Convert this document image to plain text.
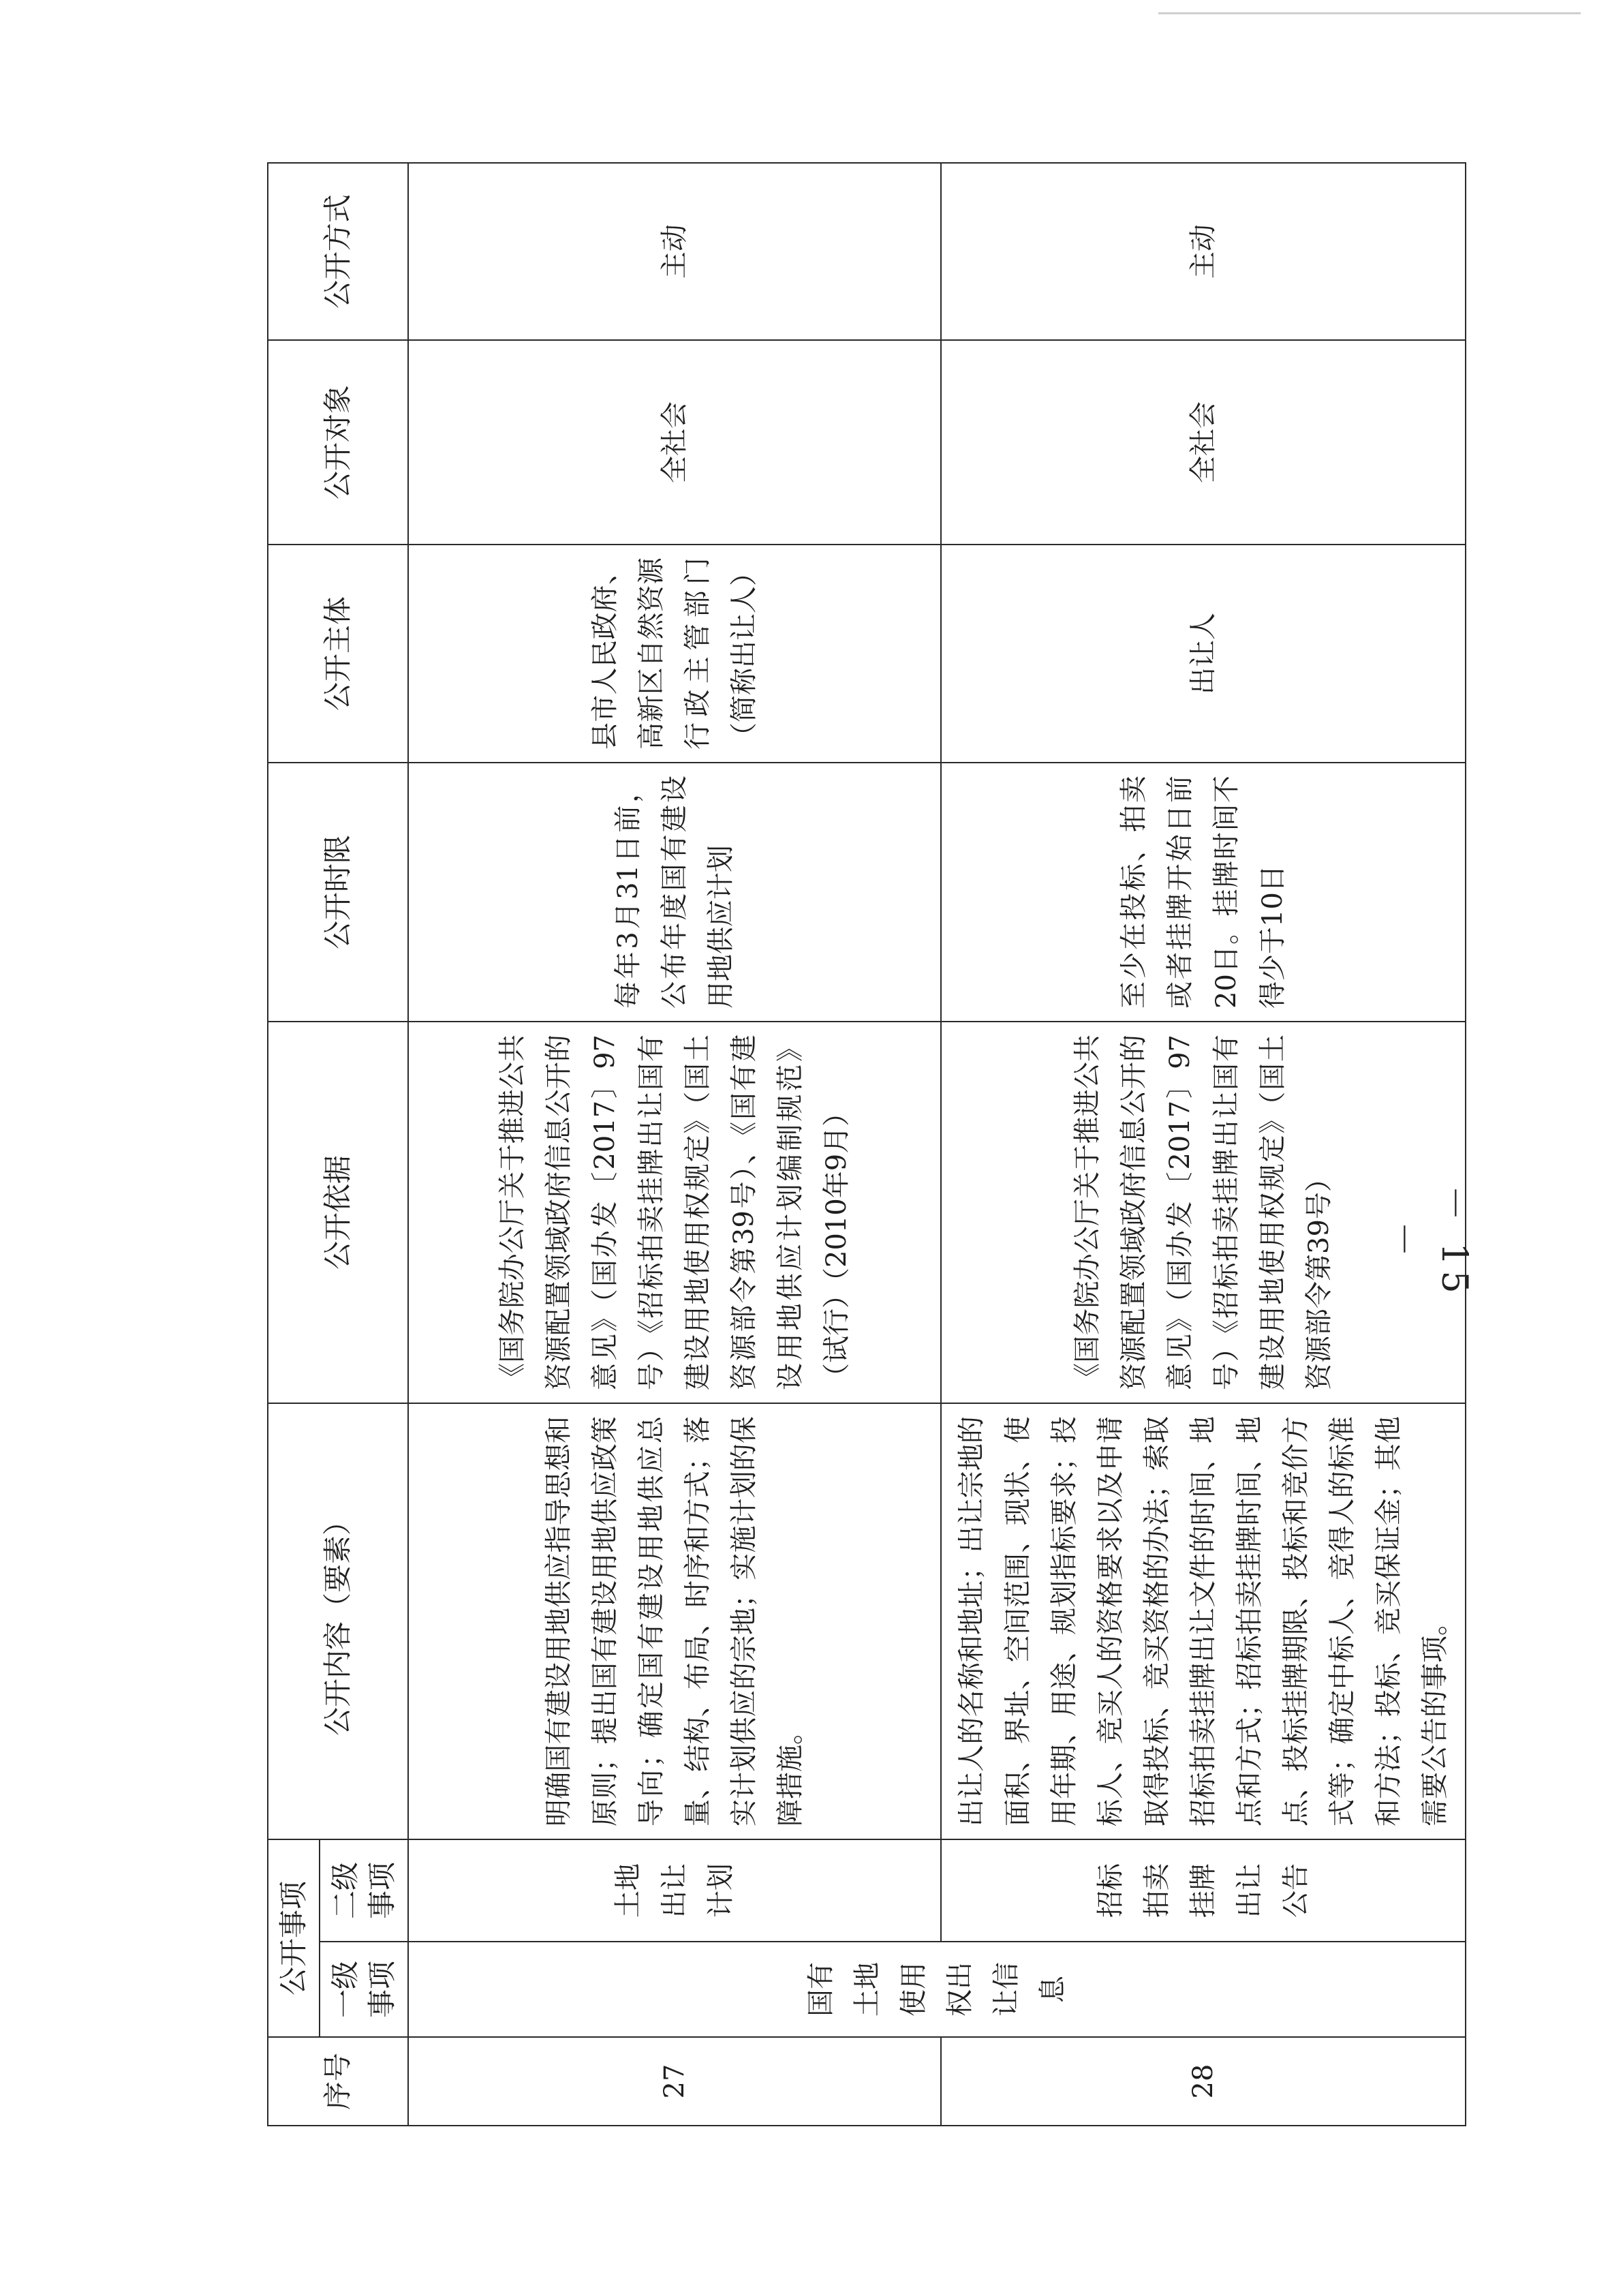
序号	公开事项		公开内容（要素）	公开依据	公开时限	公开主体	公开对象	公开方式
	一级事项	二级事项						
27	国有土地使用权出让信息	土地出让计划	明确国有建设用地供应指导思想和原则；提出国有建设用地供应政策导向；确定国有建设用地供应总量、结构、布局、时序和方式；落实计划供应的宗地；实施计划的保障措施。	《国务院办公厅关于推进公共资源配置领域政府信息公开的意见》（国办发〔2017〕97号）《招标拍卖挂牌出让国有建设用地使用权规定》（国土资源部令第39号）、《国有建设用地供应计划编制规范》（试行）（2010年9月）	每年3月31日前，公布年度国有建设用地供应计划	县市人民政府、高新区自然资源行政主管部门（简称出让人）	全社会	主动
28		招标拍卖挂牌出让公告	出让人的名称和地址；出让宗地的面积、界址、空间范围、现状、使用年期、用途、规划指标要求；投标人、竞买人的资格要求以及申请取得投标、竞买资格的办法；索取招标拍卖挂牌出让文件的时间、地点和方式；招标拍卖挂牌时间、地点、投标挂牌期限、投标和竞价方式等；确定中标人、竞得人的标准和方法；投标、竞买保证金；其他需要公告的事项。	《国务院办公厅关于推进公共资源配置领域政府信息公开的意见》（国办发〔2017〕97号）《招标拍卖挂牌出让国有建设用地使用权规定》（国土资源部令第39号）	至少在投标、拍卖或者挂牌开始日前20日。挂牌时间不得少于10日	出让人	全社会	主动
－ 15 －
